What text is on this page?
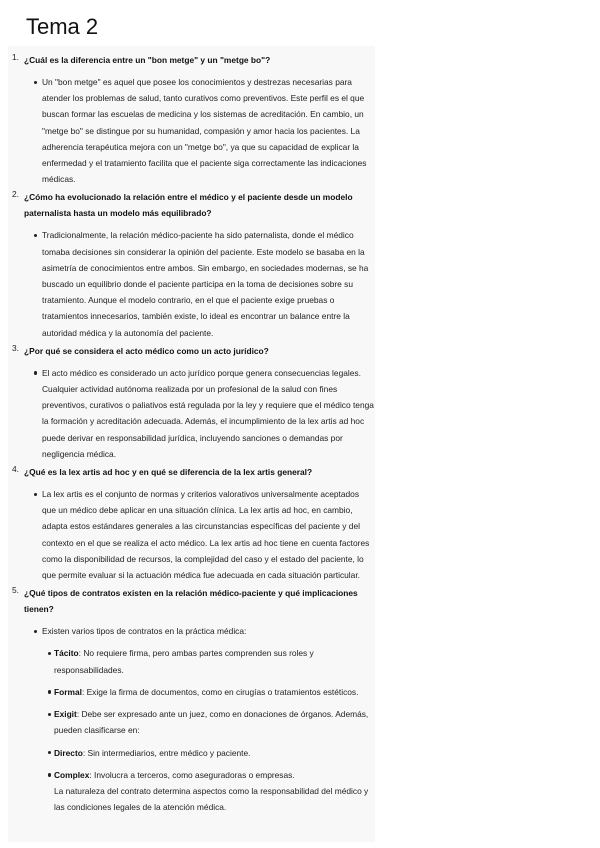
Tema 2
1. ¿Cuál es la diferencia entre un "bon metge" y un "metge bo"?
Un "bon metge" es aquel que posee los conocimientos y destrezas necesarias para atender los problemas de salud, tanto curativos como preventivos. Este perfil es el que buscan formar las escuelas de medicina y los sistemas de acreditación. En cambio, un "metge bo" se distingue por su humanidad, compasión y amor hacia los pacientes. La adherencia terapéutica mejora con un "metge bo", ya que su capacidad de explicar la enfermedad y el tratamiento facilita que el paciente siga correctamente las indicaciones médicas.
2. ¿Cómo ha evolucionado la relación entre el médico y el paciente desde un modelo paternalista hasta un modelo más equilibrado?
Tradicionalmente, la relación médico-paciente ha sido paternalista, donde el médico tomaba decisiones sin considerar la opinión del paciente. Este modelo se basaba en la asimetría de conocimientos entre ambos. Sin embargo, en sociedades modernas, se ha buscado un equilibrio donde el paciente participa en la toma de decisiones sobre su tratamiento. Aunque el modelo contrario, en el que el paciente exige pruebas o tratamientos innecesarios, también existe, lo ideal es encontrar un balance entre la autoridad médica y la autonomía del paciente.
3. ¿Por qué se considera el acto médico como un acto jurídico?
El acto médico es considerado un acto jurídico porque genera consecuencias legales. Cualquier actividad autónoma realizada por un profesional de la salud con fines preventivos, curativos o paliativos está regulada por la ley y requiere que el médico tenga la formación y acreditación adecuada. Además, el incumplimiento de la lex artis ad hoc puede derivar en responsabilidad jurídica, incluyendo sanciones o demandas por negligencia médica.
4. ¿Qué es la lex artis ad hoc y en qué se diferencia de la lex artis general?
La lex artis es el conjunto de normas y criterios valorativos universalmente aceptados que un médico debe aplicar en una situación clínica. La lex artis ad hoc, en cambio, adapta estos estándares generales a las circunstancias específicas del paciente y del contexto en el que se realiza el acto médico. La lex artis ad hoc tiene en cuenta factores como la disponibilidad de recursos, la complejidad del caso y el estado del paciente, lo que permite evaluar si la actuación médica fue adecuada en cada situación particular.
5. ¿Qué tipos de contratos existen en la relación médico-paciente y qué implicaciones tienen?
Existen varios tipos de contratos en la práctica médica:
Tácito: No requiere firma, pero ambas partes comprenden sus roles y responsabilidades.
Formal: Exige la firma de documentos, como en cirugías o tratamientos estéticos.
Exigit: Debe ser expresado ante un juez, como en donaciones de órganos. Además, pueden clasificarse en:
Directo: Sin intermediarios, entre médico y paciente.
Complex: Involucra a terceros, como aseguradoras o empresas.
La naturaleza del contrato determina aspectos como la responsabilidad del médico y las condiciones legales de la atención médica.
